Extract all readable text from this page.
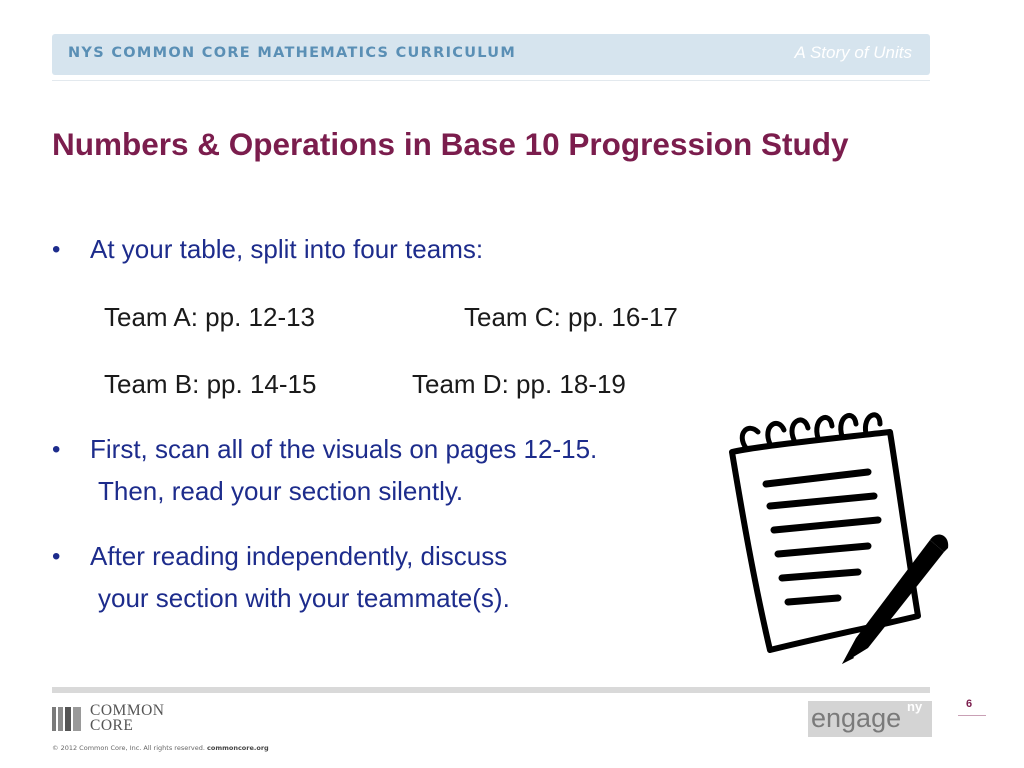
NYS COMMON CORE MATHEMATICS CURRICULUM	A Story of Units
Numbers & Operations in Base 10 Progression Study
• At your table, split into four teams:
Team A: pp. 12-13	Team C: pp. 16-17
Team B: pp. 14-15	Team D: pp. 18-19
• First, scan all of the visuals on pages 12-15.
Then, read your section silently.
• After reading independently, discuss
your section with your teammate(s).
COMMON
CORE
© 2012 Common Core, Inc. All rights reserved. commoncore.org
engage ny	6
